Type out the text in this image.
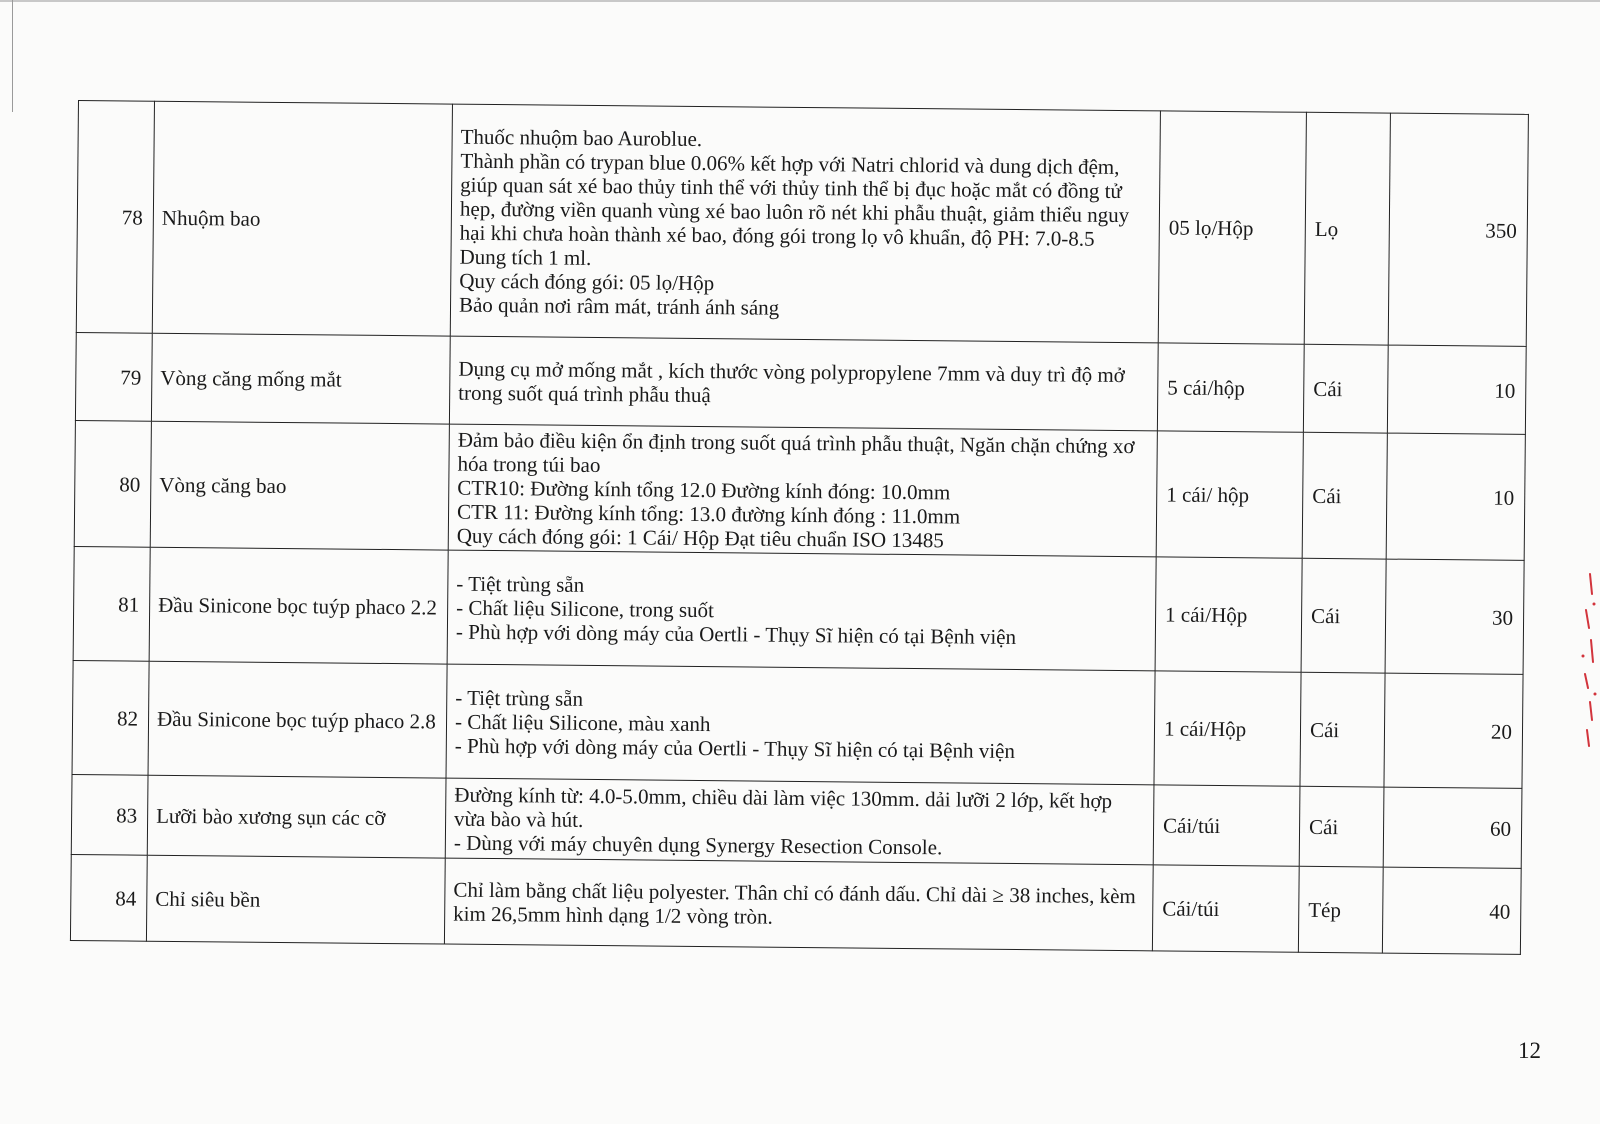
78	Nhuộm bao	Thuốc nhuộm bao Auroblue.
Thành phần có trypan blue 0.06% kết hợp với Natri chlorid và dung dịch đệm, giúp quan sát xé bao thủy tinh thể với thủy tinh thể bị đục hoặc mắt có đồng tử hẹp, đường viền quanh vùng xé bao luôn rõ nét khi phẫu thuật, giảm thiểu nguy hại khi chưa hoàn thành xé bao, đóng gói trong lọ vô khuẩn, độ PH: 7.0-8.5
Dung tích 1 ml.
Quy cách đóng gói: 05 lọ/Hộp
Bảo quản nơi râm mát, tránh ánh sáng	05 lọ/Hộp	Lọ	350
79	Vòng căng mống mắt	Dụng cụ mở mống mắt , kích thước vòng polypropylene 7mm và duy trì độ mở trong suốt quá trình phẫu thuậ	5 cái/hộp	Cái	10
80	Vòng căng bao	Đảm bảo điều kiện ổn định trong suốt quá trình phẫu thuật, Ngăn chặn chứng xơ hóa trong túi bao
CTR10: Đường kính tổng 12.0 Đường kính đóng: 10.0mm
CTR 11: Đường kính tổng: 13.0 đường kính đóng : 11.0mm
Quy cách đóng gói: 1 Cái/ Hộp Đạt tiêu chuẩn ISO 13485	1 cái/ hộp	Cái	10
81	Đầu Sinicone bọc tuýp phaco 2.2	- Tiệt trùng sẵn
- Chất liệu Silicone, trong suốt
- Phù hợp với dòng máy của Oertli - Thụy Sĩ hiện có tại Bệnh viện	1 cái/Hộp	Cái	30
82	Đầu Sinicone bọc tuýp phaco 2.8	- Tiệt trùng sẵn
- Chất liệu Silicone, màu xanh
- Phù hợp với dòng máy của Oertli - Thụy Sĩ hiện có tại Bệnh viện	1 cái/Hộp	Cái	20
83	Lưỡi bào xương sụn các cỡ	Đường kính từ: 4.0-5.0mm, chiều dài làm việc 130mm. dải lưỡi 2 lớp, kết hợp vừa bào và hút.
- Dùng với máy chuyên dụng Synergy Resection Console.	Cái/túi	Cái	60
84	Chỉ siêu bền	Chỉ làm bằng chất liệu polyester. Thân chỉ có đánh dấu. Chỉ dài ≥ 38 inches, kèm kim 26,5mm hình dạng 1/2 vòng tròn.	Cái/túi	Tép	40
12
